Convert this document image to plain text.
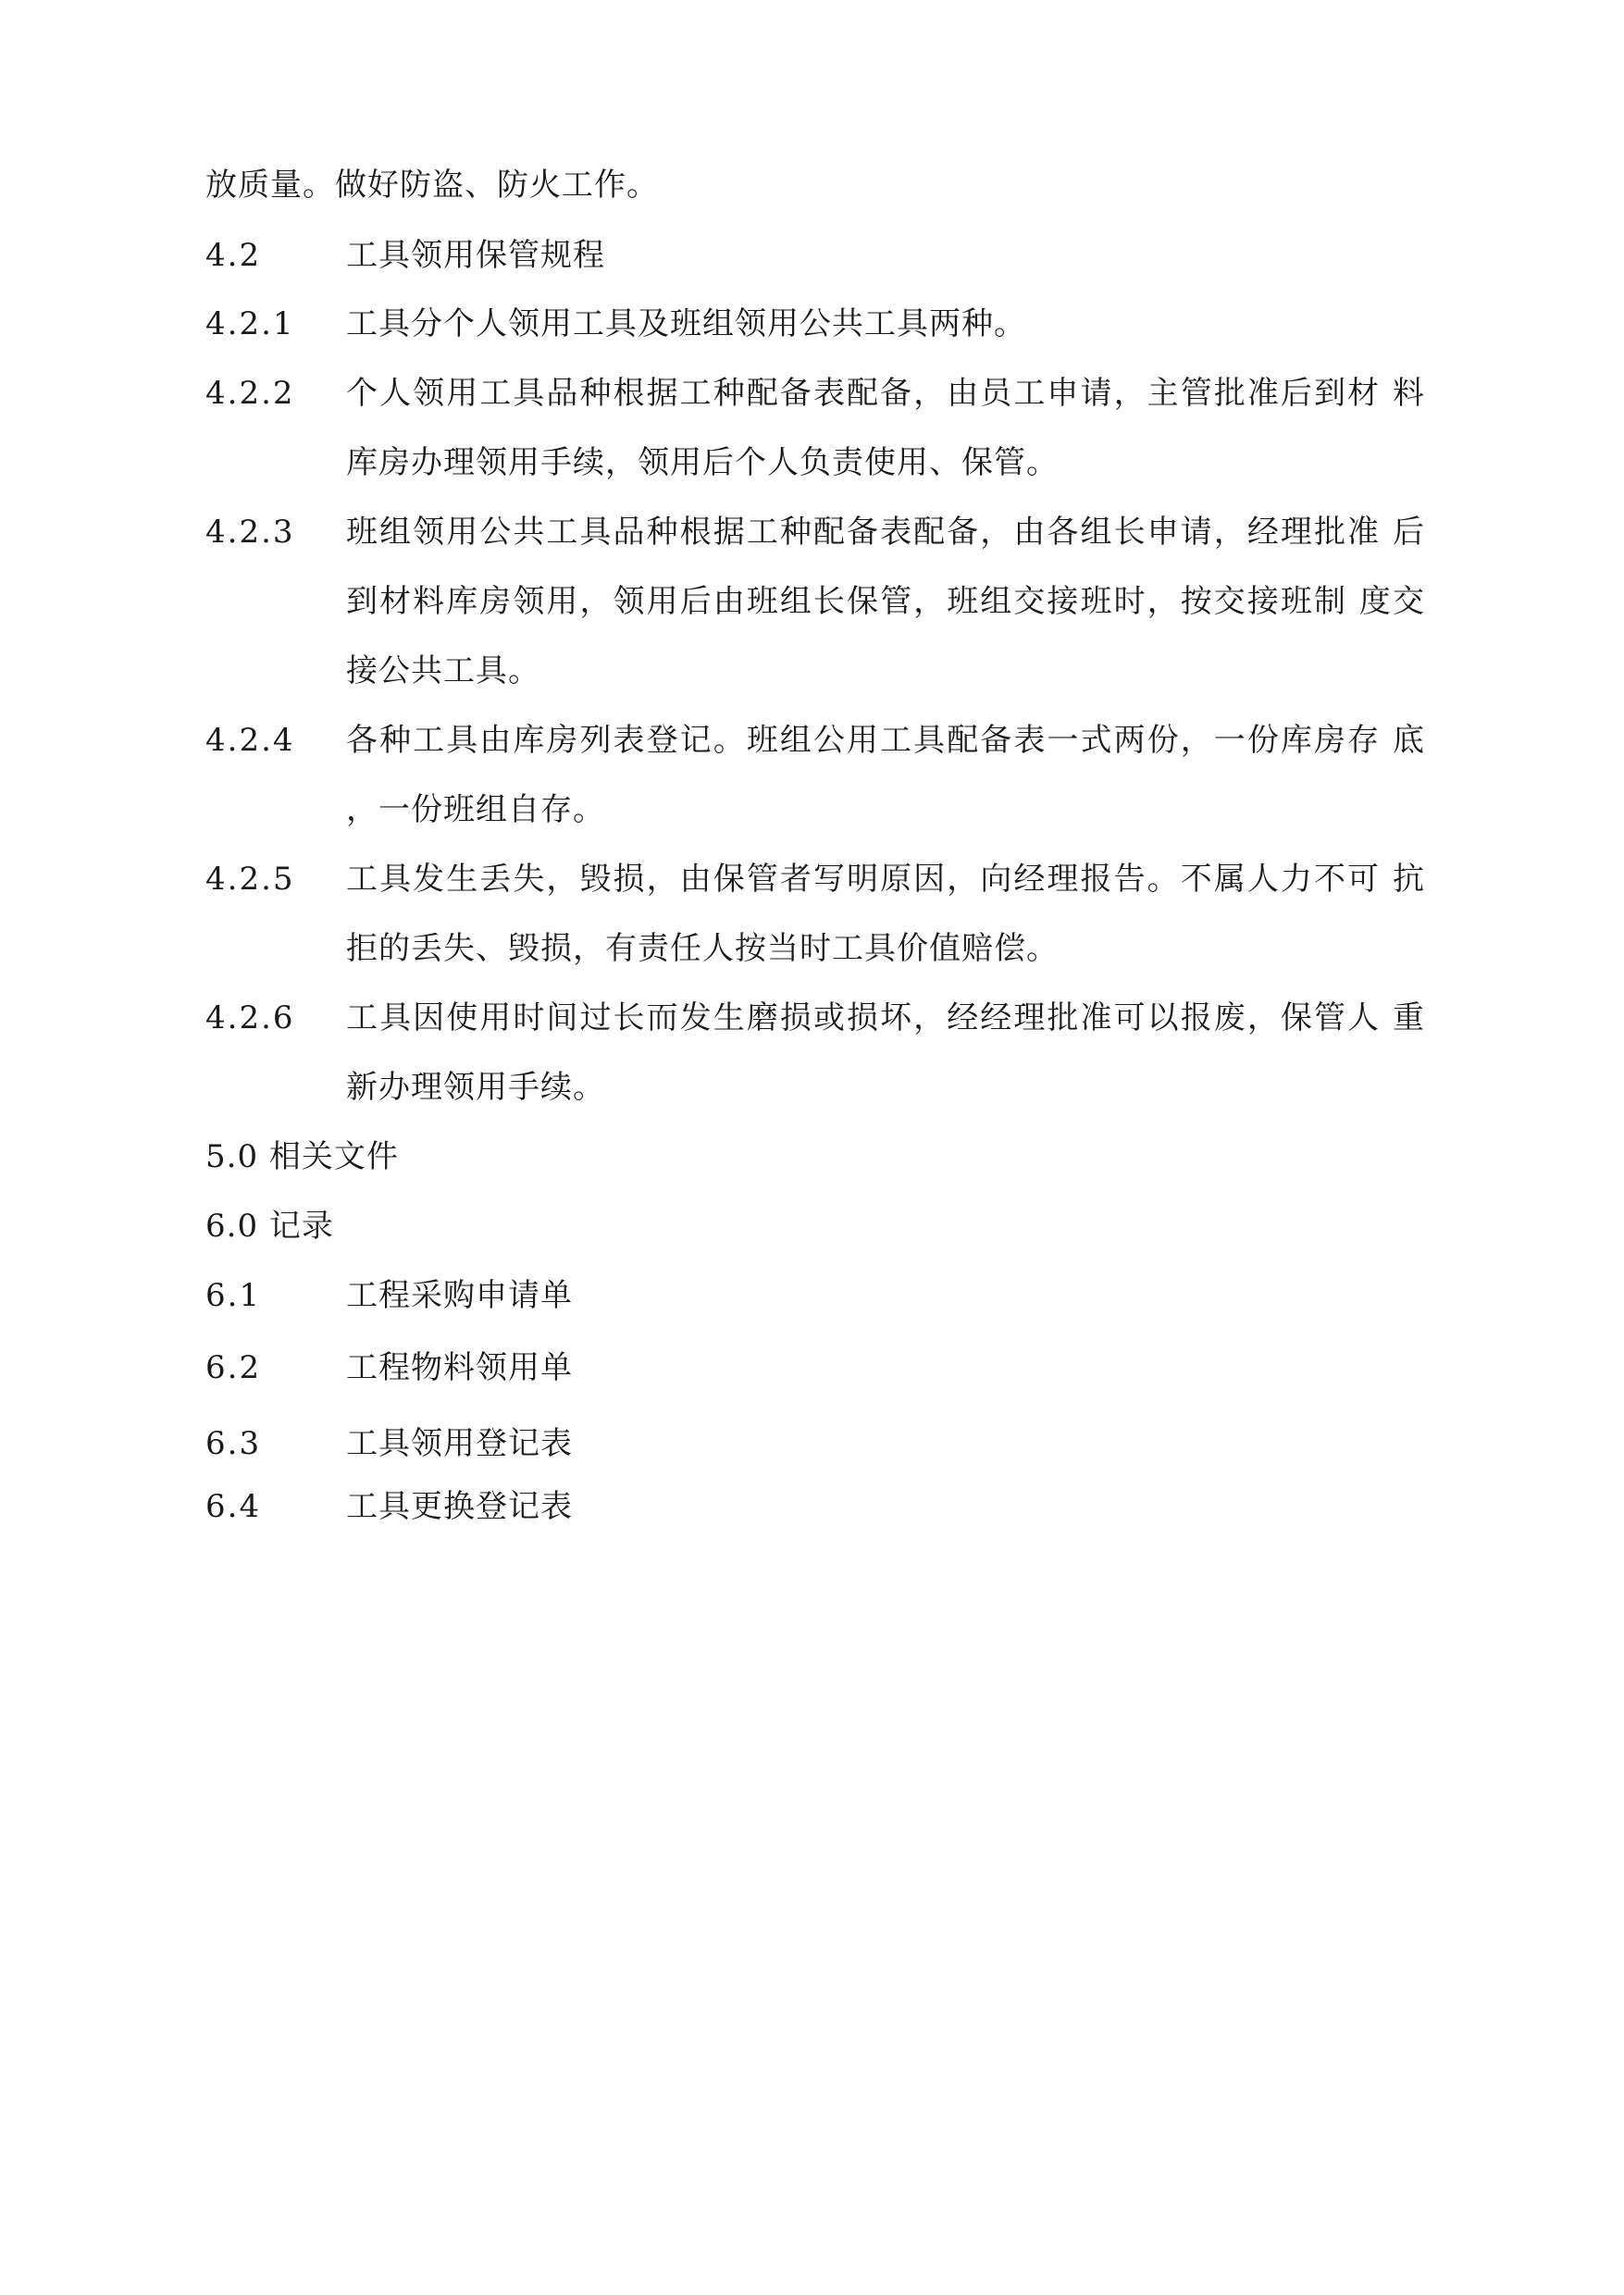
放质量。做好防盗、防火工作。
4.2	工具领用保管规程
4.2.1 工具分个人领用工具及班组领用公共工具两种。
4.2.2 个人领用工具品种根据工种配备表配备，由员工申请，主管批准后到材 料
库房办理领用手续，领用后个人负责使用、保管。
4.2.3 班组领用公共工具品种根据工种配备表配备，由各组长申请，经理批准 后
到材料库房领用，领用后由班组长保管，班组交接班时，按交接班制 度交
接公共工具。
4.2.4 各种工具由库房列表登记。班组公用工具配备表一式两份，一份库房存 底
，一份班组自存。
4.2.5 工具发生丢失，毁损，由保管者写明原因，向经理报告。不属人力不可 抗
拒的丢失、毁损，有责任人按当时工具价值赔偿。
4.2.6 工具因使用时间过长而发生磨损或损坏，经经理批准可以报废，保管人 重
新办理领用手续。
5.0 相关文件
6.0 记录
6.1	工程采购申请单
6.2	工程物料领用单
6.3	工具领用登记表
6.4	工具更换登记表
